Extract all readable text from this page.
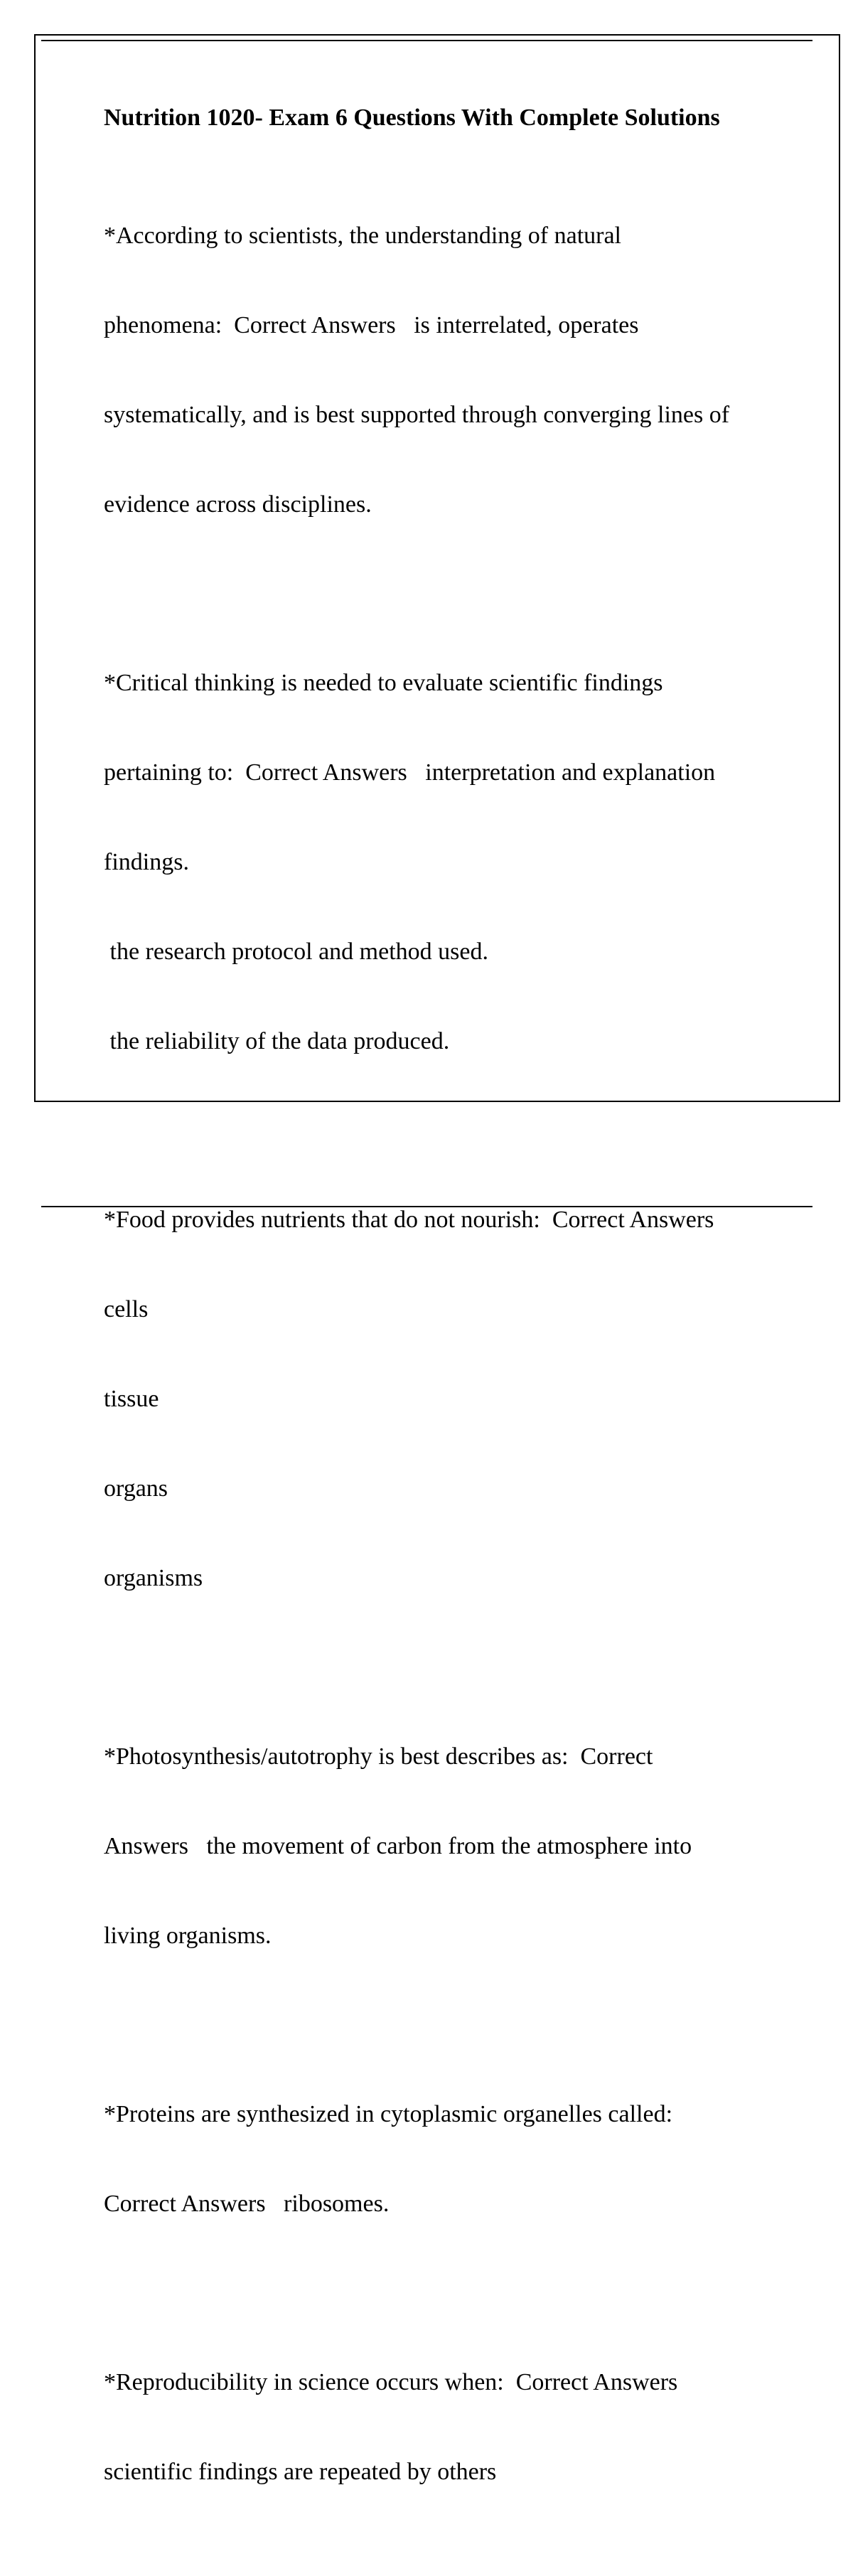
Nutrition 1020- Exam 6 Questions With Complete Solutions

*According to scientists, the understanding of natural

phenomena:  Correct Answers   is interrelated, operates

systematically, and is best supported through converging lines of

evidence across disciplines.

*Critical thinking is needed to evaluate scientific findings

pertaining to:  Correct Answers   interpretation and explanation

findings.

the research protocol and method used.

the reliability of the data produced.

*Food provides nutrients that do not nourish:  Correct Answers

cells

tissue

organs

organisms

*Photosynthesis/autotrophy is best describes as:  Correct

Answers   the movement of carbon from the atmosphere into

living organisms.

*Proteins are synthesized in cytoplasmic organelles called:

Correct Answers   ribosomes.

*Reproducibility in science occurs when:  Correct Answers

scientific findings are repeated by others
